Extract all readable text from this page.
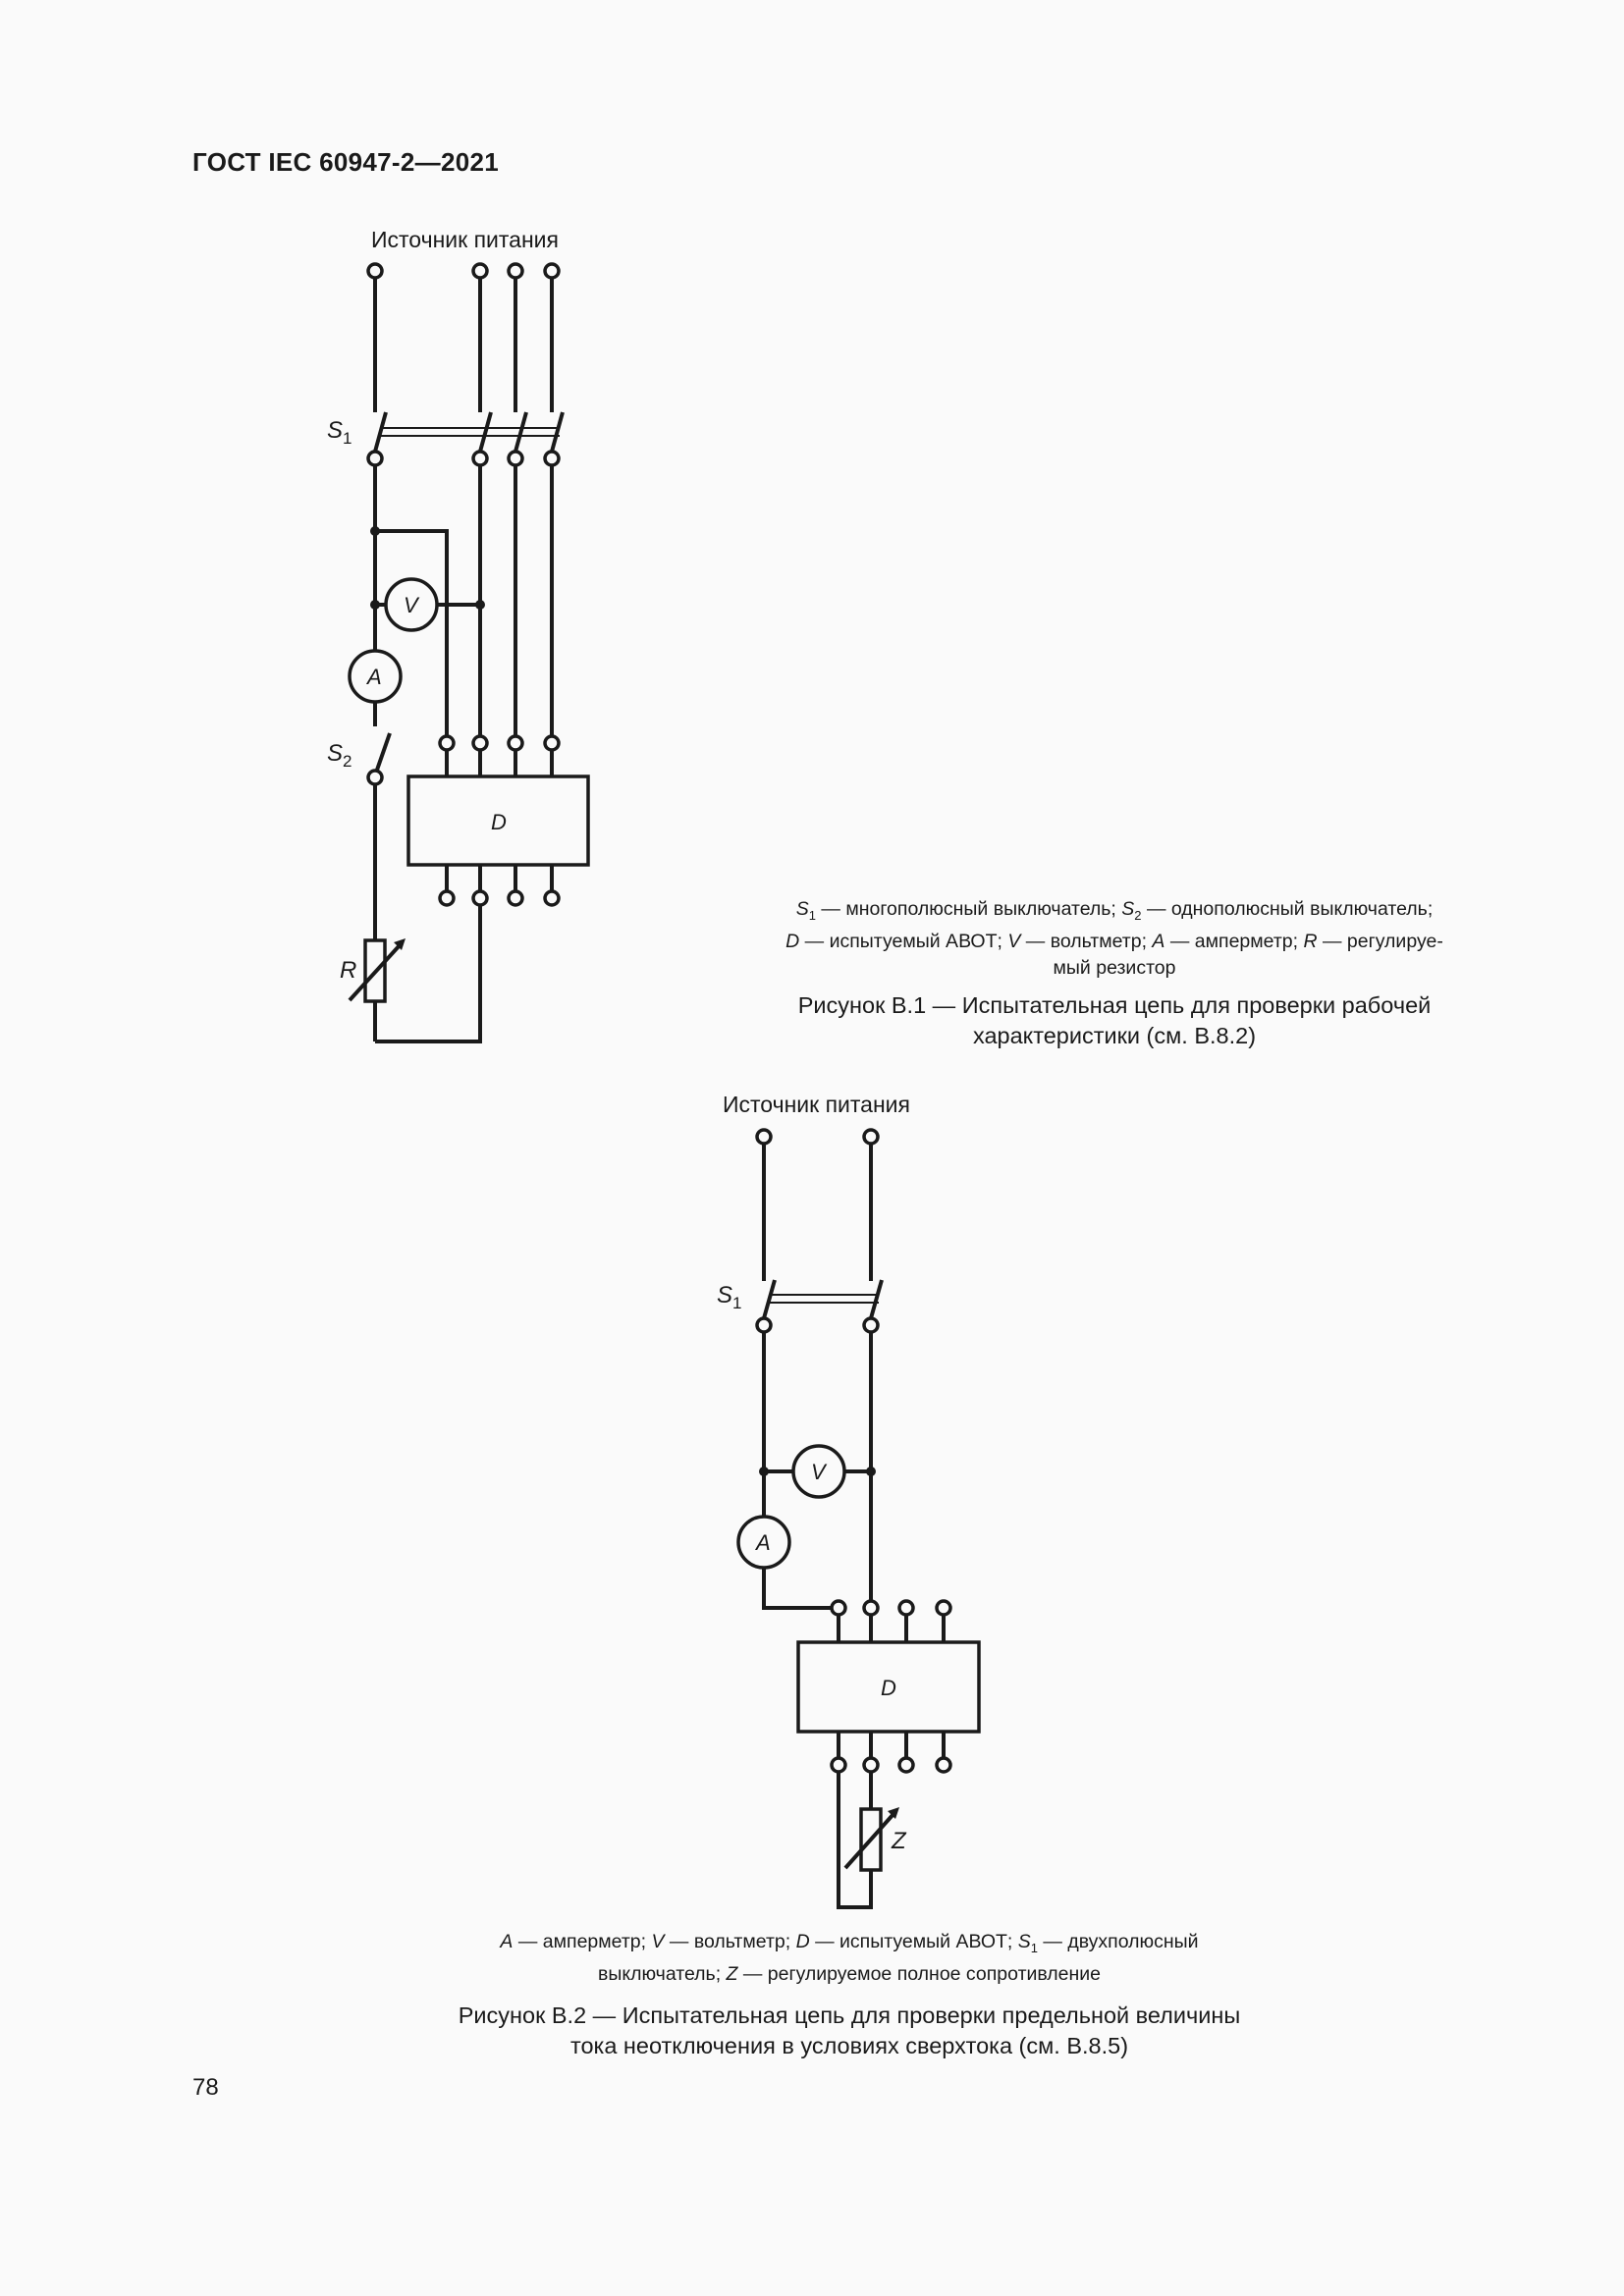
ГОСТ IEC 60947-2—2021
Источник питания
$S_1$
$S_2$
V
A
D
R
$S_1$
V
A
D
Z
$S_1$ — многополюсный выключатель; $S_2$ — однополюсный выключатель;
D — испытуемый АВОТ; V — вольтметр; A — амперметр; R — регулируе-
мый резистор
Рисунок В.1 — Испытательная цепь для проверки рабочей
характеристики (см. В.8.2)
Источник питания
A — амперметр; V — вольтметр; D — испытуемый АВОТ; $S_1$ — двухполюсный
выключатель; Z — регулируемое полное сопротивление
Рисунок В.2 — Испытательная цепь для проверки предельной величины
тока неотключения в условиях сверхтока (см. В.8.5)
78
